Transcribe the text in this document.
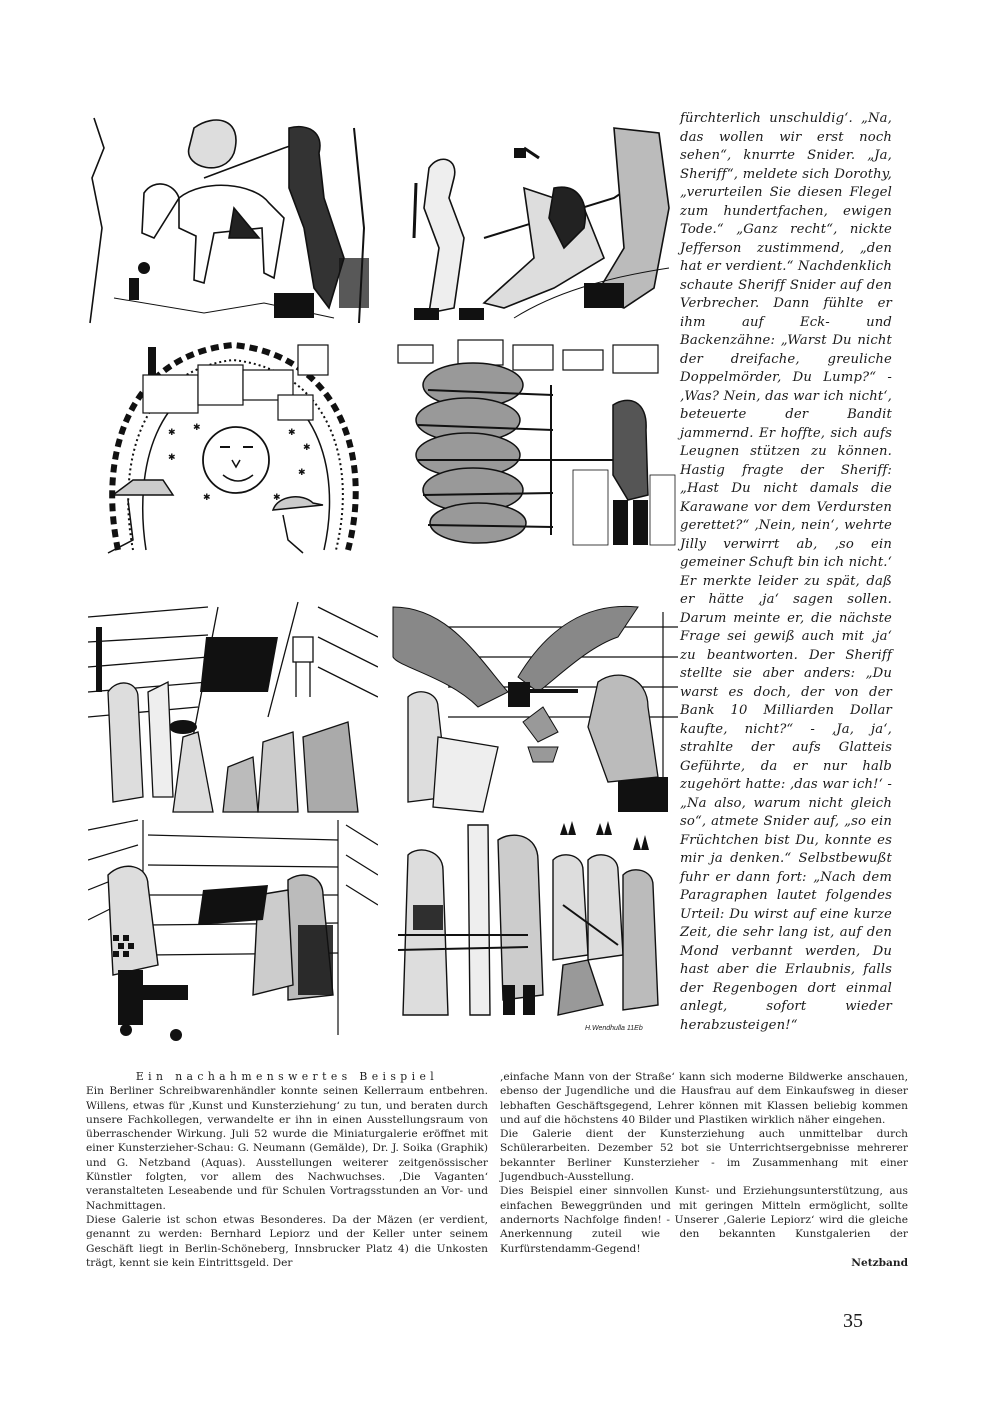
✱ ✱	✱
✱
✱
✱
✱	✱
H.Wendhulla 11Eb

fürchterlich unschuldig‘. „Na, das wollen wir erst noch sehen“, knurrte Snider. „Ja, Sheriff“, meldete sich Dorothy, „verurteilen Sie diesen Flegel zum hundertfachen, ewigen Tode.“ „Ganz recht“, nickte Jefferson zustimmend, „den hat er verdient.“ Nachdenklich schaute Sheriff Snider auf den Verbrecher. Dann fühlte er ihm auf Eck- und Backenzähne: „Warst Du nicht der dreifache, greuliche Doppelmörder, Du Lump?“ - ‚Was? Nein, das war ich nicht‘, beteuerte der Bandit jammernd. Er hoffte, sich aufs Leugnen stützen zu können. Hastig fragte der Sheriff: „Hast Du nicht damals die Karawane vor dem Verdursten gerettet?“ ‚Nein, nein‘, wehrte Jilly verwirrt ab, ‚so ein gemeiner Schuft bin ich nicht.‘ Er merkte leider zu spät, daß er hätte ‚ja‘ sagen sollen. Darum meinte er, die nächste Frage sei gewiß auch mit ‚ja‘ zu beantworten. Der Sheriff stellte sie aber anders: „Du warst es doch, der von der Bank 10 Milliarden Dollar kaufte, nicht?“ - ‚Ja, ja‘, strahlte der aufs Glatteis Geführte, da er nur halb zugehört hatte: ‚das war ich!‘ - „Na also, warum nicht gleich so“, atmete Snider auf, „so ein Früchtchen bist Du, konnte es mir ja denken.“ Selbstbewußt fuhr er dann fort: „Nach dem Paragraphen lautet folgendes Urteil: Du wirst auf eine kurze Zeit, die sehr lang ist, auf den Mond verbannt werden, Du hast aber die Erlaubnis, falls der Regenbogen dort einmal anlegt, sofort wieder herabzusteigen!“

Ein nachahmenswertes Beispiel

Ein Berliner Schreibwarenhändler konnte seinen Kellerraum entbehren. Willens, etwas für ‚Kunst und Kunsterziehung‘ zu tun, und beraten durch unsere Fachkollegen, verwandelte er ihn in einen Ausstellungsraum von überraschender Wirkung. Juli 52 wurde die Miniaturgalerie eröffnet mit einer Kunsterzieher-Schau: G. Neumann (Gemälde), Dr. J. Soika (Graphik) und G. Netzband (Aquas). Ausstellungen weiterer zeitgenössischer Künstler folgten, vor allem des Nachwuchses. ‚Die Vaganten‘ veranstalteten Leseabende und für Schulen Vortragsstunden an Vor- und Nachmittagen.

Diese Galerie ist schon etwas Besonderes. Da der Mäzen (er verdient, genannt zu werden: Bernhard Lepiorz und der Keller unter seinem Geschäft liegt in Berlin-Schöneberg, Innsbrucker Platz 4) die Unkosten trägt, kennt sie kein Eintrittsgeld. Der

‚einfache Mann von der Straße‘ kann sich moderne Bildwerke anschauen, ebenso der Jugendliche und die Hausfrau auf dem Einkaufsweg in dieser lebhaften Geschäftsgegend, Lehrer können mit Klassen beliebig kommen und auf die höchstens 40 Bilder und Plastiken wirklich näher eingehen.

Die Galerie dient der Kunsterziehung auch unmittelbar durch Schülerarbeiten. Dezember 52 bot sie Unterrichtsergebnisse mehrerer bekannter Berliner Kunsterzieher - im Zusammenhang mit einer Jugendbuch-Ausstellung.

Dies Beispiel einer sinnvollen Kunst- und Erziehungsunterstützung, aus einfachen Beweggründen und mit geringen Mitteln ermöglicht, sollte andernorts Nachfolge finden! - Unserer ‚Galerie Lepiorz‘ wird die gleiche Anerkennung zuteil wie den bekannten Kunstgalerien der Kurfürstendamm-Gegend!

Netzband

35
